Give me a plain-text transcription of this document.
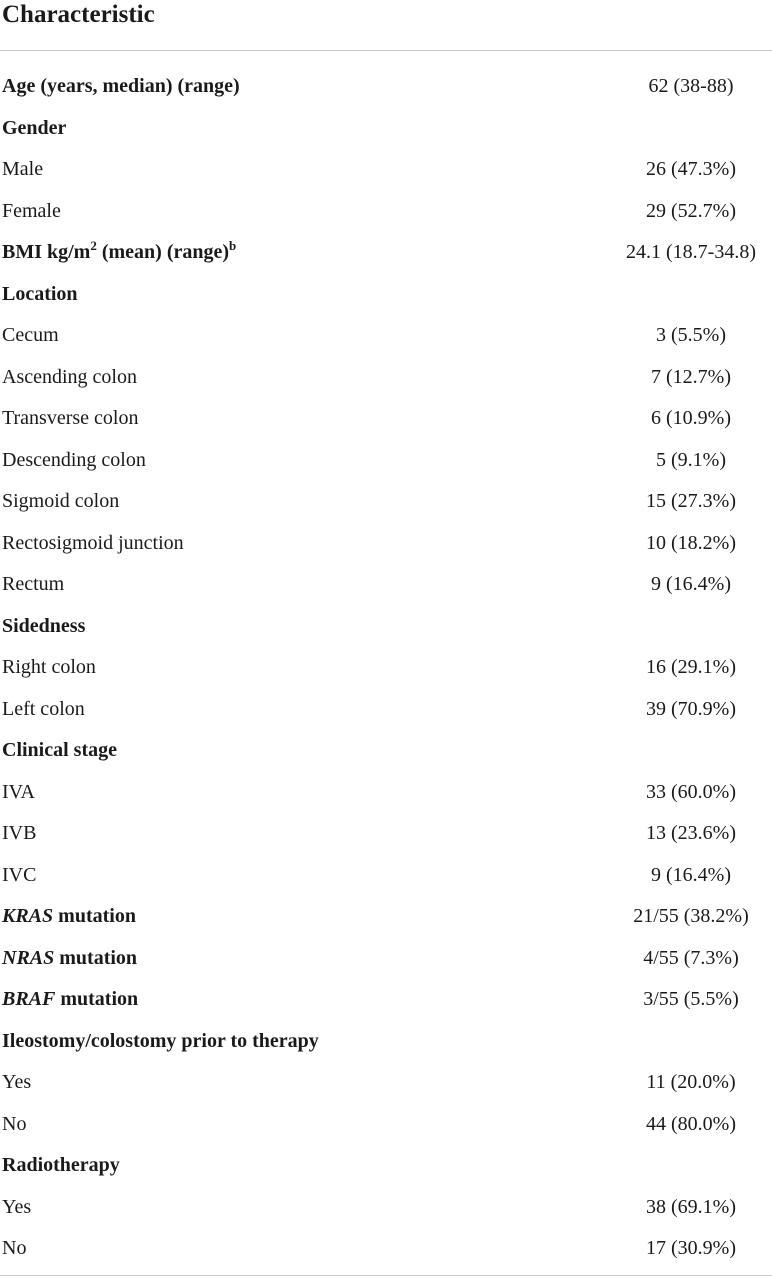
Characteristic
Age (years, median) (range)	62 (38-88)
Gender
Male	26 (47.3%)
Female	29 (52.7%)
BMI $kg/m^2$ (mean) (range)$^b$	24.1 (18.7-34.8)
Location
Cecum	3 (5.5%)
Ascending colon	7 (12.7%)
Transverse colon	6 (10.9%)
Descending colon	5 (9.1%)
Sigmoid colon	15 (27.3%)
Rectosigmoid junction	10 (18.2%)
Rectum	9 (16.4%)
Sidedness
Right colon	16 (29.1%)
Left colon	39 (70.9%)
Clinical stage
IVA	33 (60.0%)
IVB	13 (23.6%)
IVC	9 (16.4%)
KRAS mutation	21/55 (38.2%)
NRAS mutation	4/55 (7.3%)
BRAF mutation	3/55 (5.5%)
Ileostomy/colostomy prior to therapy
Yes	11 (20.0%)
No	44 (80.0%)
Radiotherapy
Yes	38 (69.1%)
No	17 (30.9%)
